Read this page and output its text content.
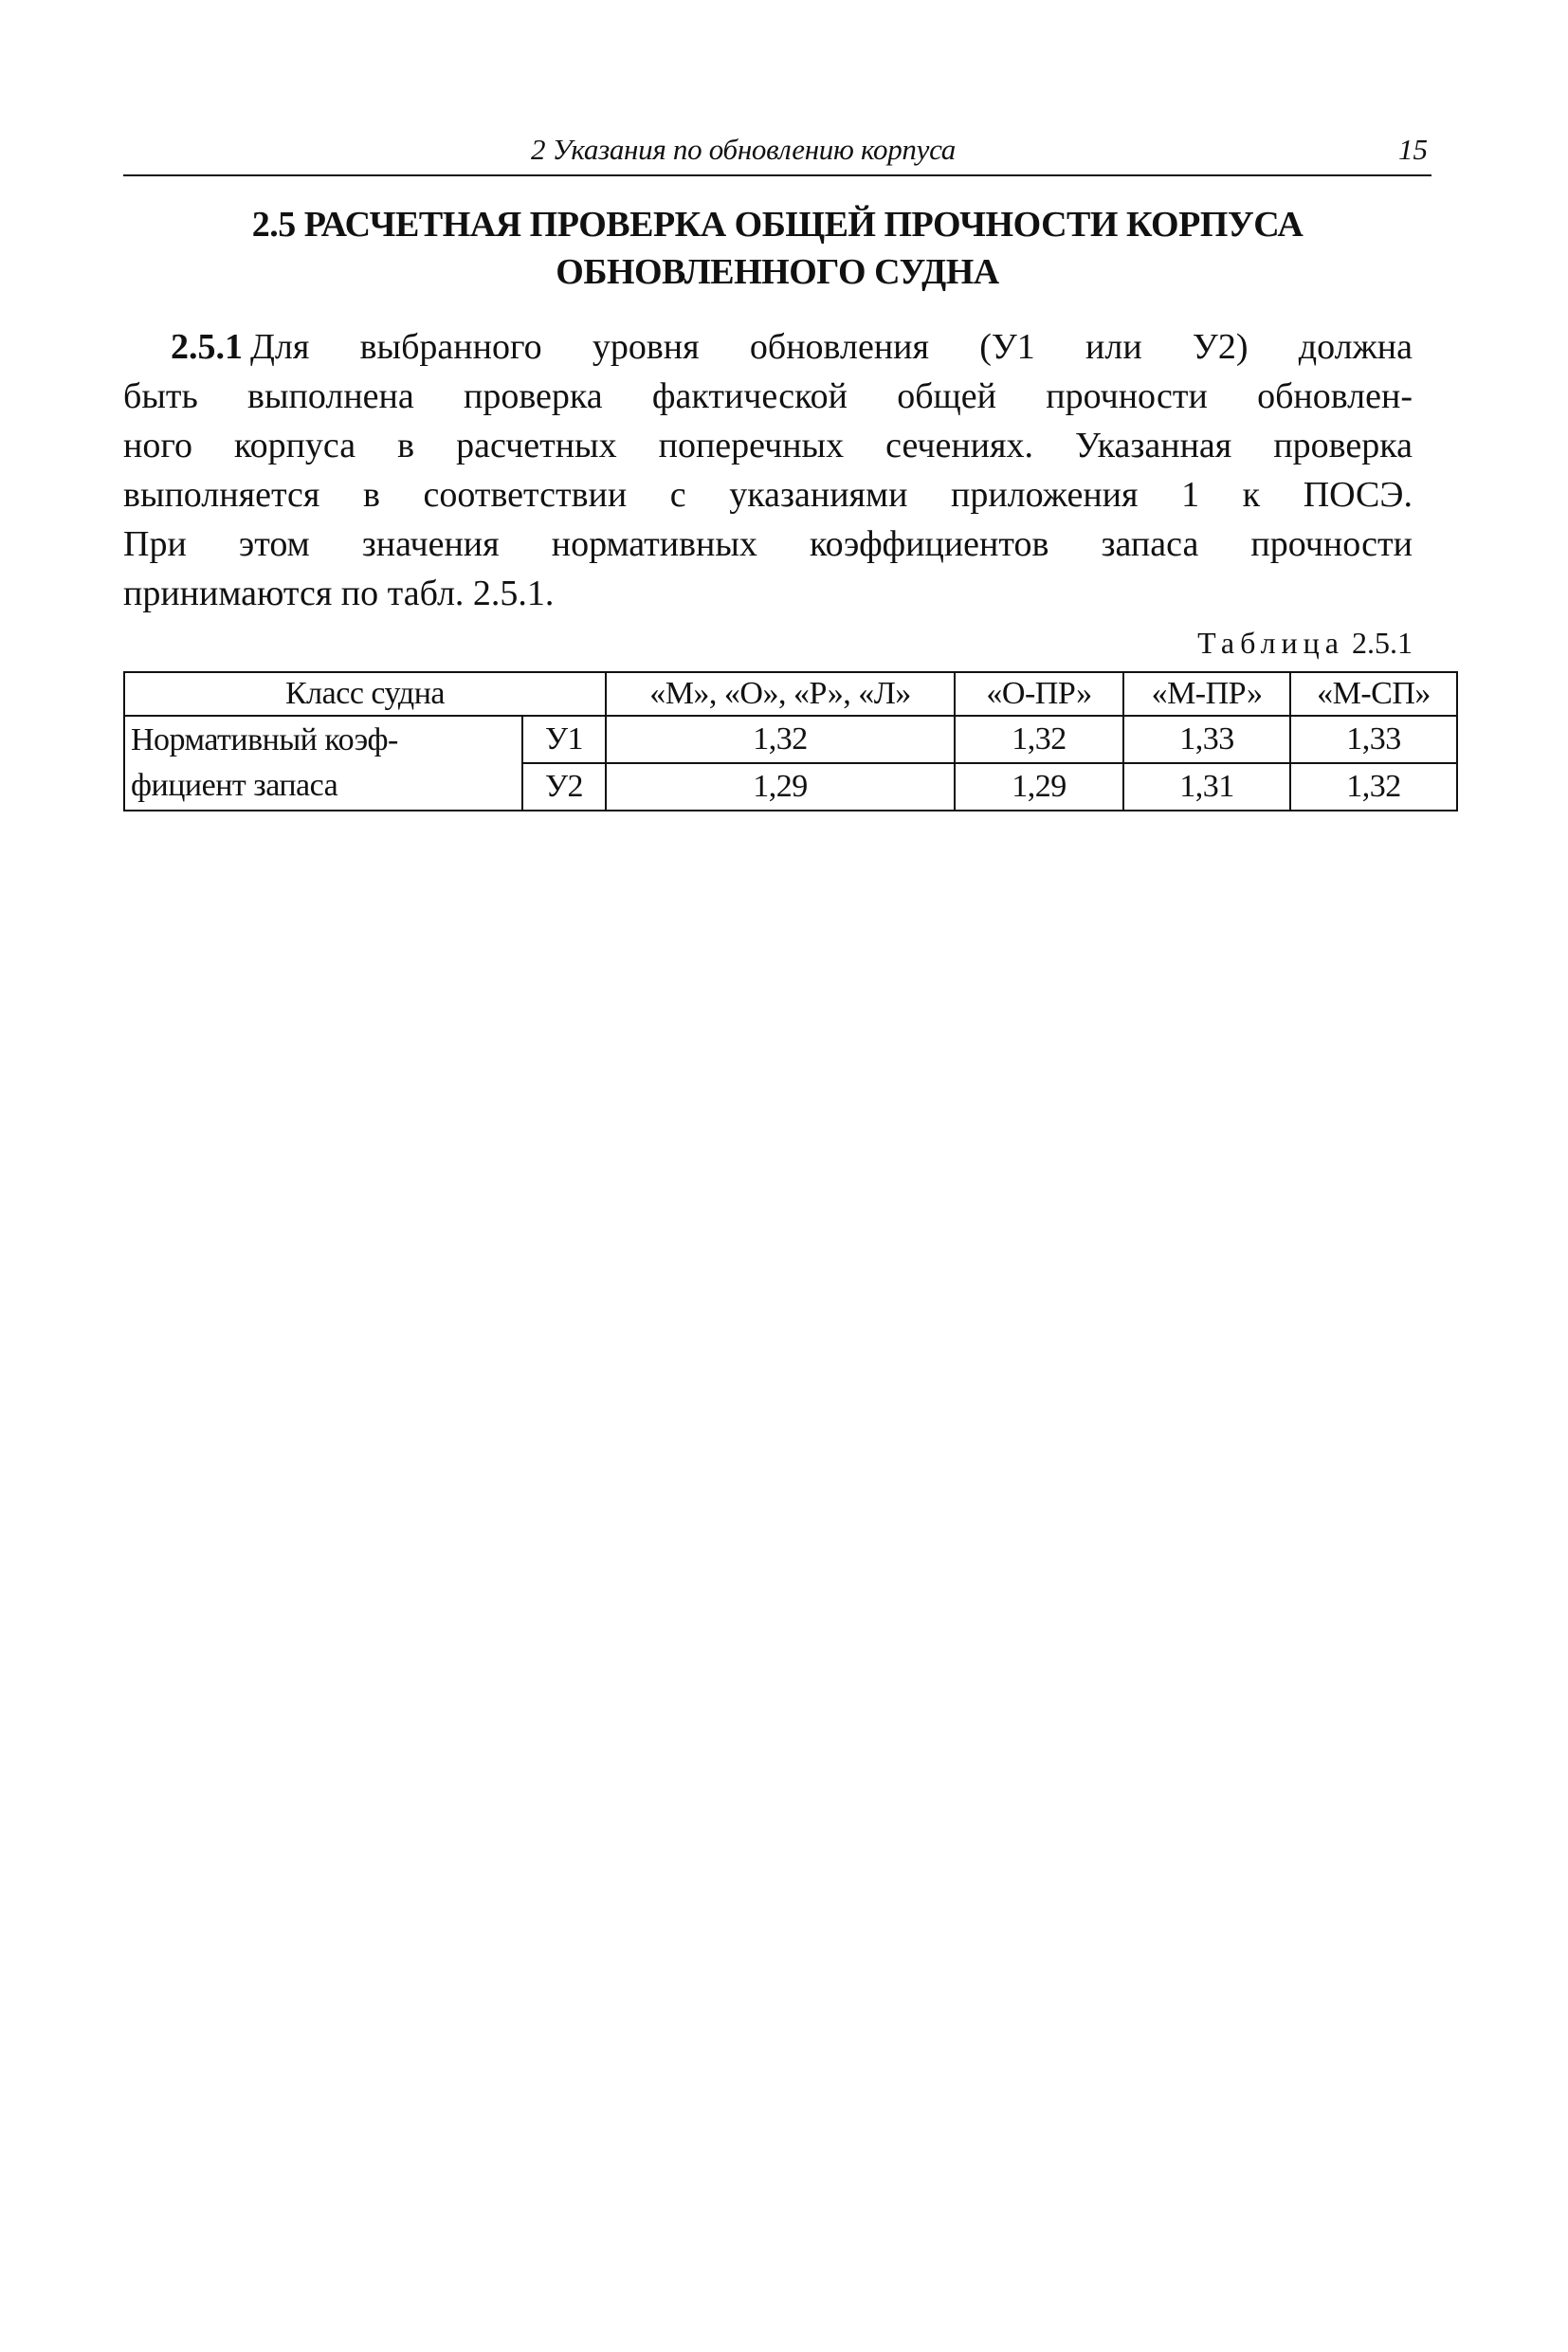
2 Указания по обновлению корпуса	15
2.5 РАСЧЕТНАЯ ПРОВЕРКА ОБЩЕЙ ПРОЧНОСТИ КОРПУСА
ОБНОВЛЕННОГО СУДНА
2.5.1 Для выбранного уровня обновления (У1 или У2) должна
быть выполнена проверка фактической общей прочности обновлен-
ного корпуса в расчетных поперечных сечениях. Указанная проверка
выполняется в соответствии с указаниями приложения 1 к ПОСЭ.
При этом значения нормативных коэффициентов запаса прочности
принимаются по табл. 2.5.1.
Таблица 2.5.1
Класс судна		«М», «О», «Р», «Л»	«О-ПР»	«М-ПР»	«М-СП»
Нормативный коэф-
фициент запаса	У1	1,32	1,32	1,33	1,33
	У2	1,29	1,29	1,31	1,32
